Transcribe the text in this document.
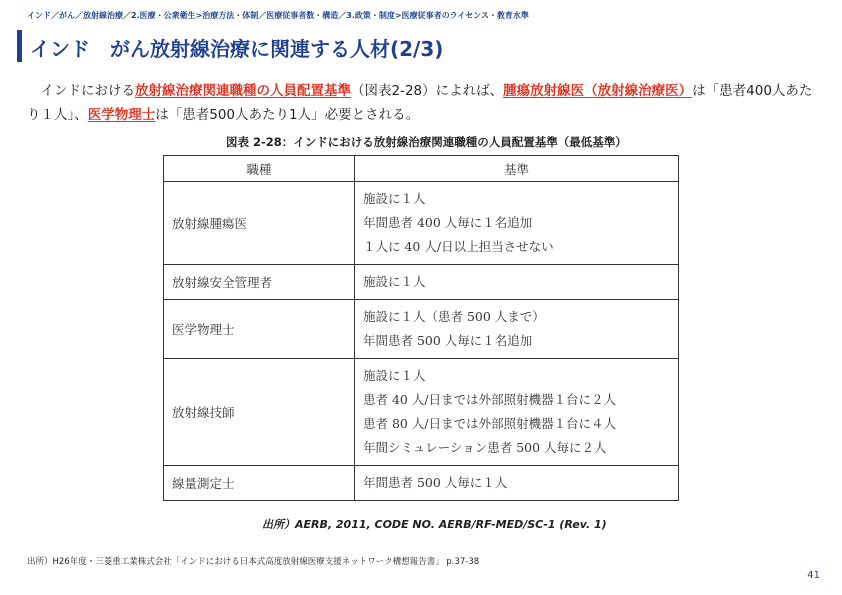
インド／がん／放射線治療／2.医療・公衆衛生>治療方法・体制／医療従事者数・構造／3.政策・制度>医療従事者のライセンス・教育水準
インド　がん放射線治療に関連する人材(2/3)

　インドにおける放射線治療関連職種の人員配置基準（図表2-28）によれば、腫瘍放射線医（放射線治療医）は「患者400人あたり１人」、医学物理士は「患者500人あたり1人」必要とされる。

図表 2-28：インドにおける放射線治療関連職種の人員配置基準（最低基準）
職種	基準
放射線腫瘍医	施設に１人
年間患者 400 人毎に１名追加
１人に 40 人/日以上担当させない

放射線安全管理者	施設に１人

医学物理士	施設に１人（患者 500 人まで）
年間患者 500 人毎に１名追加

放射線技師	施設に１人
患者 40 人/日までは外部照射機器１台に２人
患者 80 人/日までは外部照射機器１台に４人
年間シミュレーション患者 500 人毎に２人

線量測定士	年間患者 500 人毎に１人
出所）AERB, 2011, CODE NO. AERB/RF-MED/SC-1 (Rev. 1)
出所）H26年度・三菱重工業株式会社「インドにおける日本式高度放射線医療支援ネットワーク構想報告書」 p.37-38
41
